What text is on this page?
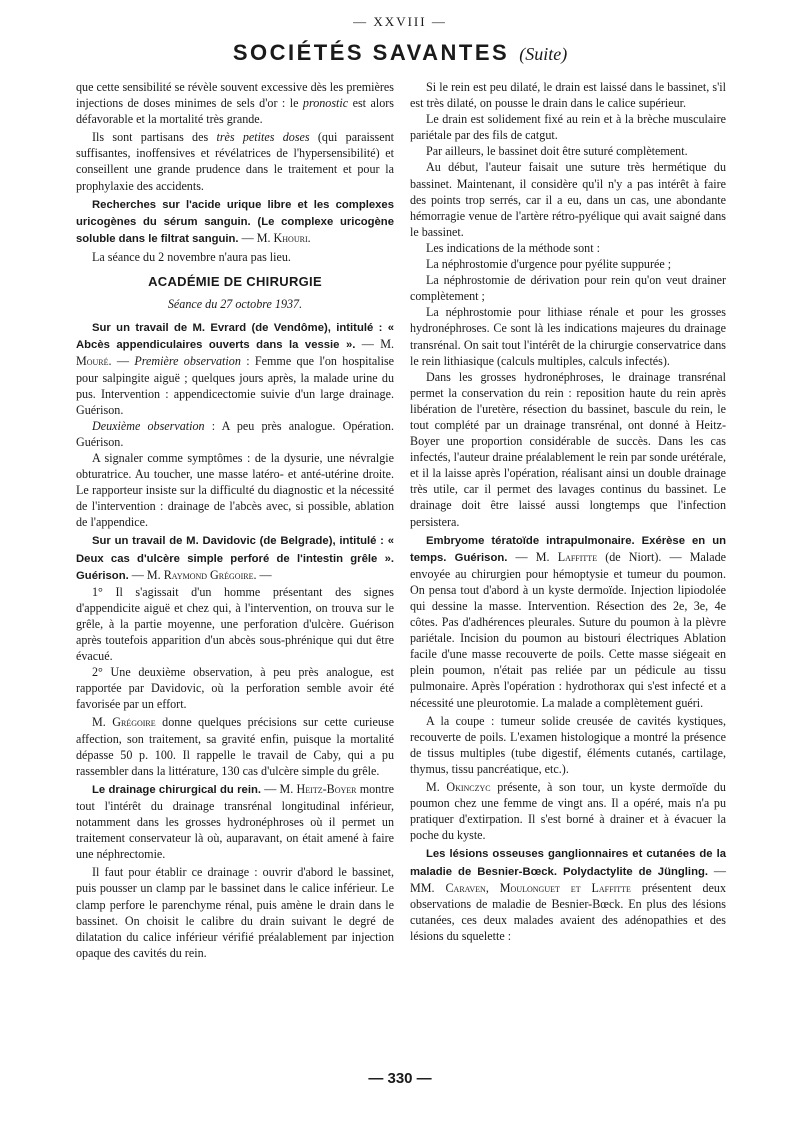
— XXVIII —
SOCIÉTÉS SAVANTES (Suite)

que cette sensibilité se révèle souvent excessive dès les premières injections de doses minimes de sels d'or : le pronostic est alors défavorable et la mortalité très grande.

Ils sont partisans des très petites doses (qui paraissent suffisantes, inoffensives et révélatrices de l'hypersensibilité) et conseillent une grande prudence dans le traitement et pour la prophylaxie des accidents.

Recherches sur l'acide urique libre et les complexes uricogènes du sérum sanguin. (Le complexe uricogène soluble dans le filtrat sanguin. — M. Khouri.

La séance du 2 novembre n'aura pas lieu.

ACADÉMIE DE CHIRURGIE
Séance du 27 octobre 1937.

Sur un travail de M. Evrard (de Vendôme), intitulé : « Abcès appendiculaires ouverts dans la vessie ». — M. Mouré. — Première observation : Femme que l'on hospitalise pour salpingite aiguë ; quelques jours après, la malade urine du pus. Intervention : appendicectomie suivie d'un large drainage. Guérison.

Deuxième observation : A peu près analogue. Opération. Guérison.

A signaler comme symptômes : de la dysurie, une névralgie obturatrice. Au toucher, une masse latéro- et anté-utérine droite. Le rapporteur insiste sur la difficulté du diagnostic et la nécessité de l'intervention : drainage de l'abcès avec, si possible, ablation de l'appendice.

Sur un travail de M. Davidovic (de Belgrade), intitulé : « Deux cas d'ulcère simple perforé de l'intestin grêle ». Guérison. — M. Raymond Grégoire. —

1° Il s'agissait d'un homme présentant des signes d'appendicite aiguë et chez qui, à l'intervention, on trouva sur le grêle, à la partie moyenne, une perforation d'ulcère. Guérison après toutefois apparition d'un abcès sous-phrénique qui dut être évacué.

2° Une deuxième observation, à peu près analogue, est rapportée par Davidovic, où la perforation semble avoir été favorisée par un effort.

M. Grégoire donne quelques précisions sur cette curieuse affection, son traitement, sa gravité enfin, puisque la mortalité dépasse 50 p. 100. Il rappelle le travail de Caby, qui a pu rassembler dans la littérature, 130 cas d'ulcère simple du grêle.

Le drainage chirurgical du rein. — M. Heitz-Boyer montre tout l'intérêt du drainage transrénal longitudinal inférieur, notamment dans les grosses hydronéphroses où il permet un traitement conservateur là où, auparavant, on était amené à faire une néphrectomie.

Il faut pour établir ce drainage : ouvrir d'abord le bassinet, puis pousser un clamp par le bassinet dans le calice inférieur. Le clamp perfore le parenchyme rénal, puis amène le drain dans le bassinet. On choisit le calibre du drain suivant le degré de dilatation du calice inférieur vérifié préalablement par injection opaque des cavités du rein.

Si le rein est peu dilaté, le drain est laissé dans le bassinet, s'il est très dilaté, on pousse le drain dans le calice supérieur.

Le drain est solidement fixé au rein et à la brèche musculaire pariétale par des fils de catgut.

Par ailleurs, le bassinet doit être suturé complètement.

Au début, l'auteur faisait une suture très hermétique du bassinet. Maintenant, il considère qu'il n'y a pas intérêt à faire des points trop serrés, car il a eu, dans un cas, une abondante hémorragie venue de l'artère rétro-pyélique qui avait saigné dans le bassinet.

Les indications de la méthode sont :

La néphrostomie d'urgence pour pyélite suppurée ;

La néphrostomie de dérivation pour rein qu'on veut drainer complètement ;

La néphrostomie pour lithiase rénale et pour les grosses hydronéphroses. Ce sont là les indications majeures du drainage transrénal. On sait tout l'intérêt de la chirurgie conservatrice dans le rein lithiasique (calculs multiples, calculs infectés).

Dans les grosses hydronéphroses, le drainage transrénal permet la conservation du rein : reposition haute du rein après libération de l'uretère, résection du bassinet, bascule du rein, le tout complété par un drainage transrénal, ont donné à Heitz-Boyer une proportion considérable de succès. Dans les cas infectés, l'auteur draine préalablement le rein par sonde urétérale, et il la laisse après l'opération, réalisant ainsi un double drainage très utile, car il permet des lavages continus du bassinet. Le drainage doit être laissé aussi longtemps que l'infection persistera.

Embryome tératoïde intrapulmonaire. Exérèse en un temps. Guérison. — M. Laffitte (de Niort). — Malade envoyée au chirurgien pour hémoptysie et tumeur du poumon. On pensa tout d'abord à un kyste dermoïde. Injection lipiodolée qui dessine la masse. Intervention. Résection des 2e, 3e, 4e côtes. Pas d'adhérences pleurales. Suture du poumon à la plèvre pariétale. Incision du poumon au bistouri électriques Ablation facile d'une masse recouverte de poils. Cette masse siégeait en plein poumon, n'était pas reliée par un pédicule au tissu pulmonaire. Après l'opération : hydrothorax qui s'est infecté et a nécessité une pleurotomie. La malade a complètement guéri.

A la coupe : tumeur solide creusée de cavités kystiques, recouverte de poils. L'examen histologique a montré la présence de tissus multiples (tube digestif, éléments cutanés, cartilage, thymus, tissu pancréatique, etc.).

M. Okinczyc présente, à son tour, un kyste dermoïde du poumon chez une femme de vingt ans. Il a opéré, mais n'a pu pratiquer d'extirpation. Il s'est borné à drainer et à évacuer la poche du kyste.

Les lésions osseuses ganglionnaires et cutanées de la maladie de Besnier-Bœck. Polydactylite de Jüngling. — MM. Caraven, Moulonguet et Laffitte présentent deux observations de maladie de Besnier-Bœck. En plus des lésions cutanées, ces deux malades avaient des adénopathies et des lésions du squelette :

— 330 —
